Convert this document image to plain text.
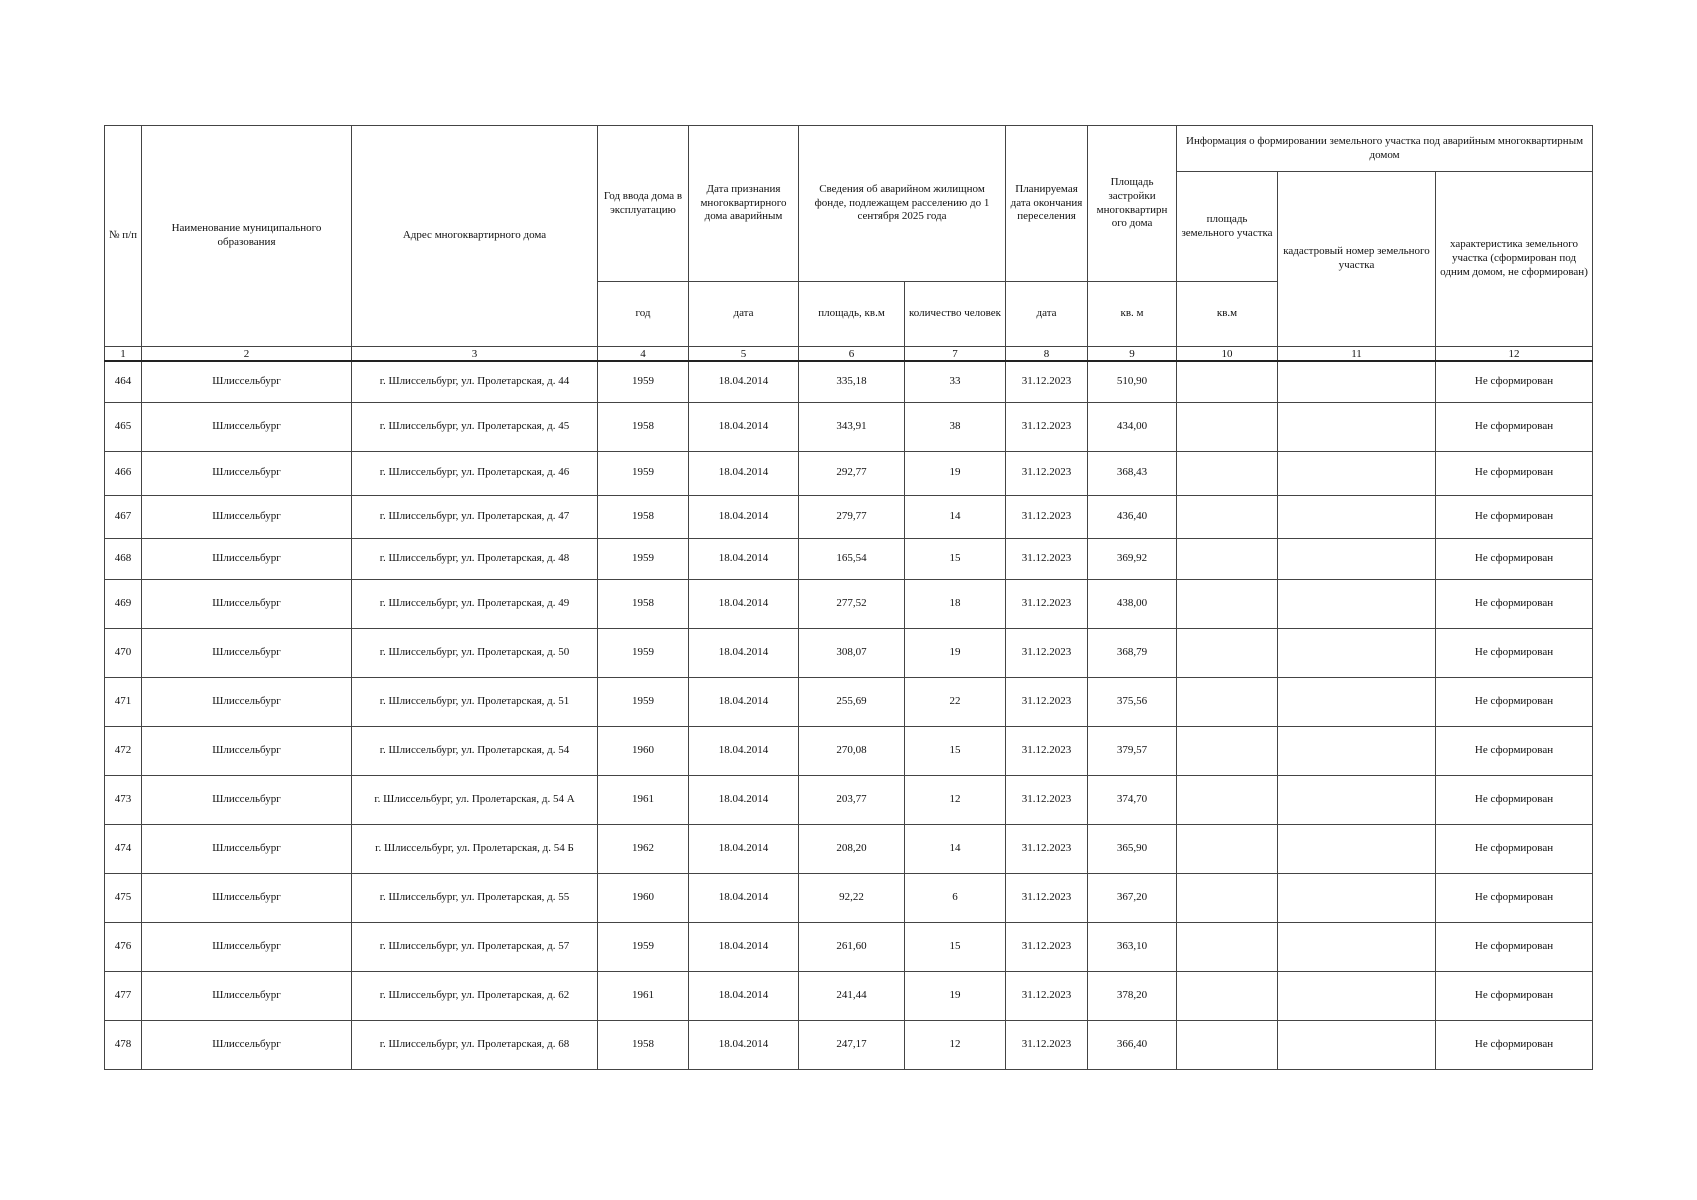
№ п/п	Наименование муниципального образования	Адрес многоквартирного дома	Год ввода дома в эксплуатацию	Дата признания многоквартирного дома аварийным	Сведения об аварийном жилищном фонде, подлежащем расселению до 1 сентября 2025 года		Планируемая дата окончания переселения	Площадь застройки многоквартирн ого дома	Информация о формировании земельного участка под аварийным многоквартирным домом		
									площадь земельного участка	кадастровый номер земельного участка	характеристика земельного участка (сформирован под одним домом, не сформирован)
			год	дата	площадь, кв.м	количество человек	дата	кв. м	кв.м		
1	2	3	4	5	6	7	8	9	10	11	12
464	Шлиссельбург	г. Шлиссельбург, ул. Пролетарская, д. 44	1959	18.04.2014	335,18	33	31.12.2023	510,90			Не сформирован
465	Шлиссельбург	г. Шлиссельбург, ул. Пролетарская, д. 45	1958	18.04.2014	343,91	38	31.12.2023	434,00			Не сформирован
466	Шлиссельбург	г. Шлиссельбург, ул. Пролетарская, д. 46	1959	18.04.2014	292,77	19	31.12.2023	368,43			Не сформирован
467	Шлиссельбург	г. Шлиссельбург, ул. Пролетарская, д. 47	1958	18.04.2014	279,77	14	31.12.2023	436,40			Не сформирован
468	Шлиссельбург	г. Шлиссельбург, ул. Пролетарская, д. 48	1959	18.04.2014	165,54	15	31.12.2023	369,92			Не сформирован
469	Шлиссельбург	г. Шлиссельбург, ул. Пролетарская, д. 49	1958	18.04.2014	277,52	18	31.12.2023	438,00			Не сформирован
470	Шлиссельбург	г. Шлиссельбург, ул. Пролетарская, д. 50	1959	18.04.2014	308,07	19	31.12.2023	368,79			Не сформирован
471	Шлиссельбург	г. Шлиссельбург, ул. Пролетарская, д. 51	1959	18.04.2014	255,69	22	31.12.2023	375,56			Не сформирован
472	Шлиссельбург	г. Шлиссельбург, ул. Пролетарская, д. 54	1960	18.04.2014	270,08	15	31.12.2023	379,57			Не сформирован
473	Шлиссельбург	г. Шлиссельбург, ул. Пролетарская, д. 54 А	1961	18.04.2014	203,77	12	31.12.2023	374,70			Не сформирован
474	Шлиссельбург	г. Шлиссельбург, ул. Пролетарская, д. 54 Б	1962	18.04.2014	208,20	14	31.12.2023	365,90			Не сформирован
475	Шлиссельбург	г. Шлиссельбург, ул. Пролетарская, д. 55	1960	18.04.2014	92,22	6	31.12.2023	367,20			Не сформирован
476	Шлиссельбург	г. Шлиссельбург, ул. Пролетарская, д. 57	1959	18.04.2014	261,60	15	31.12.2023	363,10			Не сформирован
477	Шлиссельбург	г. Шлиссельбург, ул. Пролетарская, д. 62	1961	18.04.2014	241,44	19	31.12.2023	378,20			Не сформирован
478	Шлиссельбург	г. Шлиссельбург, ул. Пролетарская, д. 68	1958	18.04.2014	247,17	12	31.12.2023	366,40			Не сформирован
